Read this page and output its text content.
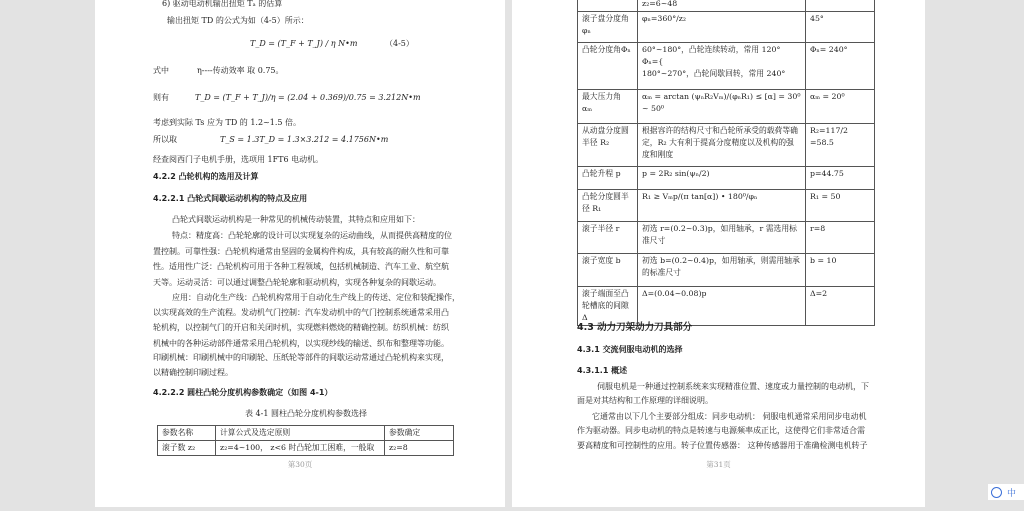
6) 驱动电动机输出扭矩 Tₐ 的估算
输出扭矩 TD 的公式为如（4-5）所示：
T_D = (T_F + T_J) / η N•m	（4-5）
式中	η----传动效率 取 0.75。
则有	T_D = (T_F + T_J)/η = (2.04 + 0.369)/0.75 = 3.212N•m
考虑到实际 Ts 应为 TD 的 1.2~1.5 倍。
所以取	T_S = 1.3T_D = 1.3×3.212 = 4.1756N•m
经查阅西门子电机手册，选项用 1FT6 电动机。
4.2.2 凸轮机构的选用及计算
4.2.2.1 凸轮式间歇运动机构的特点及应用
凸轮式间歇运动机构是一种常见的机械传动装置，其特点和应用如下：
特点：精度高：凸轮轮廓的设计可以实现复杂的运动曲线，从而提供高精度的位
置控制。可靠性强：凸轮机构通常由坚固的金属构件构成，具有较高的耐久性和可靠
性。适用性广泛：凸轮机构可用于各种工程领域，包括机械制造、汽车工业、航空航
天等。运动灵活：可以通过调整凸轮轮廓和驱动机构，实现各种复杂的间歇运动。
应用：自动化生产线：凸轮机构常用于自动化生产线上的传送、定位和装配操作，
以实现高效的生产流程。发动机气门控制：汽车发动机中的气门控制系统通常采用凸
轮机构，以控制气门的开启和关闭时机，实现燃料燃烧的精确控制。纺织机械：纺织
机械中的各种运动部件通常采用凸轮机构，以实现纱线的输送、织布和整理等功能。
印刷机械：印刷机械中的印刷轮、压纸轮等部件的间歇运动常通过凸轮机构来实现，
以精确控制印刷过程。
4.2.2.2 圆柱凸轮分度机构参数确定（如图 4-1）
表 4-1 圆柱凸轮分度机构参数选择
参数名称	计算公式及选定原则	参数确定
滚子数 z₂	z₂=4~100， z<6 时凸轮加工困难，一般取	z₂=8
第30页
	z₂=6~48	
滚子盘分度角 φₙ	φₙ=360°/z₂	45°
凸轮分度角Φₙ	60°~180°，凸轮连续转动，常用 120°
Φₙ={
180°~270°，凸轮间歇回转，常用 240°	Φₙ= 240°
最大压力角 αₘ	αₘ = arctan (ψₙR₂Vₘ)/(φₙR₁) ≤ [α] = 30⁰ ~ 50⁰	αₘ = 20⁰
从动盘分度圆半径 R₂	根据容许的结构尺寸和凸轮所承受的载荷等确定，R₂ 大有利于提高分度精度以及机构的强度和刚度	R₂=117/2 =58.5
凸轮升程 p	p = 2R₂ sin(ψₙ/2)	p=44.75
凸轮分度圆半径 R₁	R₁ ≥ Vₘp/(π tan[α]) • 180⁰/φₙ	R₁ = 50
滚子半径 r	初选 r=(0.2~0.3)p，如用轴承，r 需选用标准尺寸	r=8
滚子宽度 b	初选 b=(0.2~0.4)p，如用轴承，则需用轴承的标准尺寸	b = 10
滚子端面至凸轮槽底的间隙Δ	Δ=(0.04~0.08)p	Δ=2
4.3 动力刀架动力刀具部分
4.3.1 交流伺服电动机的选择
4.3.1.1 概述
伺服电机是一种通过控制系统来实现精准位置、速度或力量控制的电动机，下
面是对其结构和工作原理的详细说明。
它通常由以下几个主要部分组成：同步电动机： 伺服电机通常采用同步电动机
作为驱动器。同步电动机的特点是转速与电源频率成正比，这使得它们非常适合需
要高精度和可控制性的应用。转子位置传感器： 这种传感器用于准确检测电机转子
第31页
中
